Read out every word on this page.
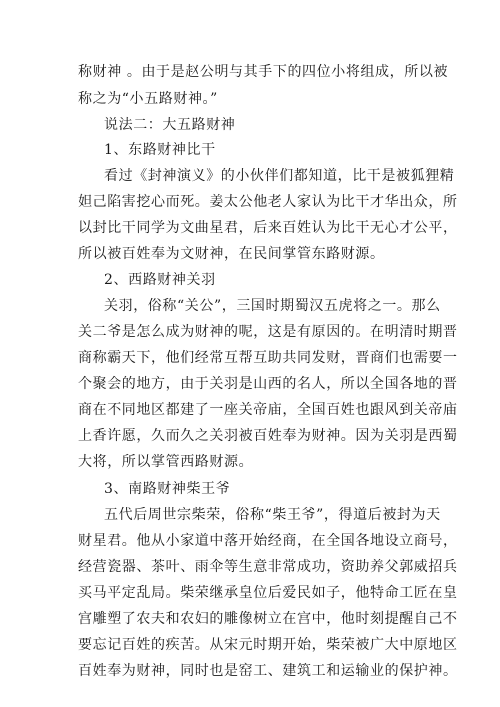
称财神 。由于是赵公明与其手下的四位小将组成，所以被
称之为“小五路财神。”
说法二：大五路财神
1、东路财神比干
看过《封神演义》的小伙伴们都知道，比干是被狐狸精
妲己陷害挖心而死。姜太公他老人家认为比干才华出众，所
以封比干同学为文曲星君，后来百姓认为比干无心才公平，
所以被百姓奉为文财神，在民间掌管东路财源。
2、西路财神关羽
关羽，俗称“关公”，三国时期蜀汉五虎将之一。那么
关二爷是怎么成为财神的呢，这是有原因的。在明清时期晋
商称霸天下，他们经常互帮互助共同发财，晋商们也需要一
个聚会的地方，由于关羽是山西的名人，所以全国各地的晋
商在不同地区都建了一座关帝庙，全国百姓也跟风到关帝庙
上香许愿，久而久之关羽被百姓奉为财神。因为关羽是西蜀
大将，所以掌管西路财源。
3、南路财神柴王爷
五代后周世宗柴荣，俗称“柴王爷”，得道后被封为天
财星君。他从小家道中落开始经商，在全国各地设立商号，
经营瓷器、茶叶、雨伞等生意非常成功，资助养父郭威招兵
买马平定乱局。柴荣继承皇位后爱民如子，他特命工匠在皇
宫雕塑了农夫和农妇的雕像树立在宫中，他时刻提醒自己不
要忘记百姓的疾苦。从宋元时期开始，柴荣被广大中原地区
百姓奉为财神，同时也是窑工、建筑工和运输业的保护神。
